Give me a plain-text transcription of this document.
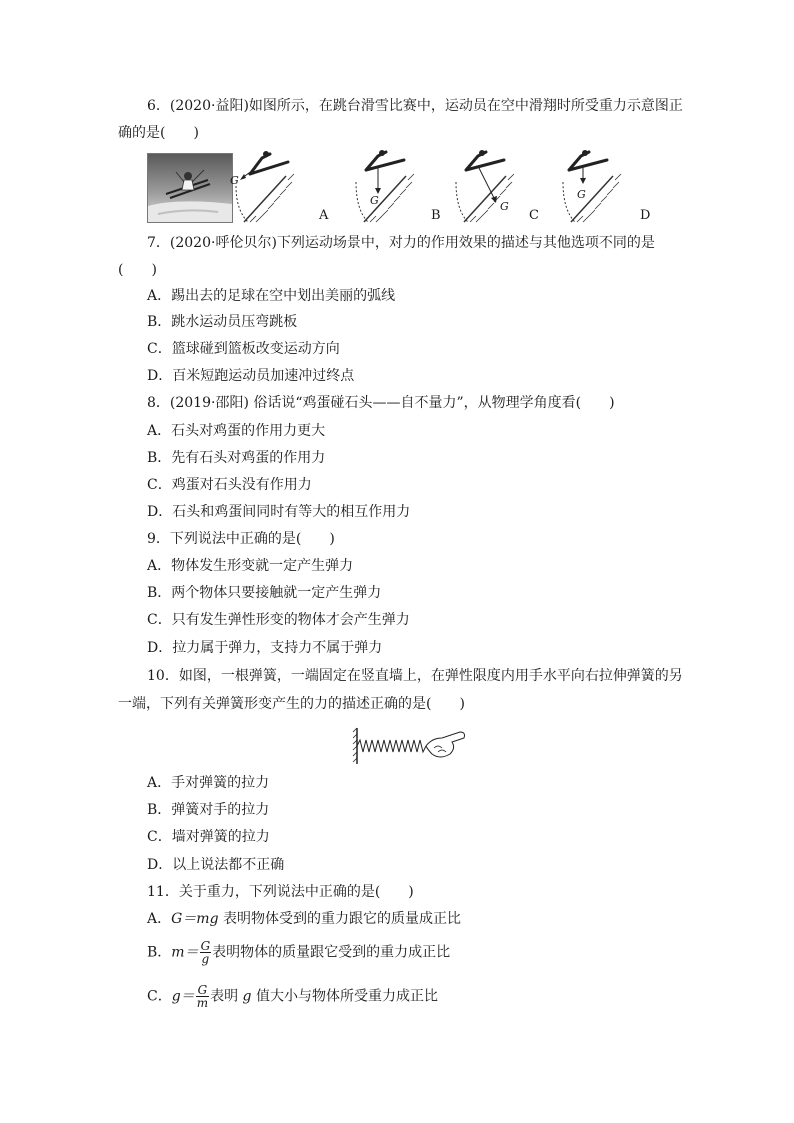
6．(2020·益阳)如图所示，在跳台滑雪比赛中，运动员在空中滑翔时所受重力示意图正
确的是(　　)
G
A
G
B
G
C
G
D
7．(2020·呼伦贝尔)下列运动场景中，对力的作用效果的描述与其他选项不同的是
(　　)
A．踢出去的足球在空中划出美丽的弧线
B．跳水运动员压弯跳板
C．篮球碰到篮板改变运动方向
D．百米短跑运动员加速冲过终点
8．(2019·邵阳) 俗话说“鸡蛋碰石头——自不量力”，从物理学角度看(　　)
A．石头对鸡蛋的作用力更大
B．先有石头对鸡蛋的作用力
C．鸡蛋对石头没有作用力
D．石头和鸡蛋间同时有等大的相互作用力
9．下列说法中正确的是(　　)
A．物体发生形变就一定产生弹力
B．两个物体只要接触就一定产生弹力
C．只有发生弹性形变的物体才会产生弹力
D．拉力属于弹力，支持力不属于弹力
10．如图，一根弹簧，一端固定在竖直墙上，在弹性限度内用手水平向右拉伸弹簧的另
一端，下列有关弹簧形变产生的力的描述正确的是(　　)
A．手对弹簧的拉力
B．弹簧对手的拉力
C．墙对弹簧的拉力
D．以上说法都不正确
11．关于重力，下列说法中正确的是(　　)
A．G＝mg 表明物体受到的重力跟它的质量成正比
B．$m= \frac{G}{g}$ 表明物体的质量跟它受到的重力成正比
C．$g= \frac{G}{m}$ 表明 g 值大小与物体所受重力成正比
